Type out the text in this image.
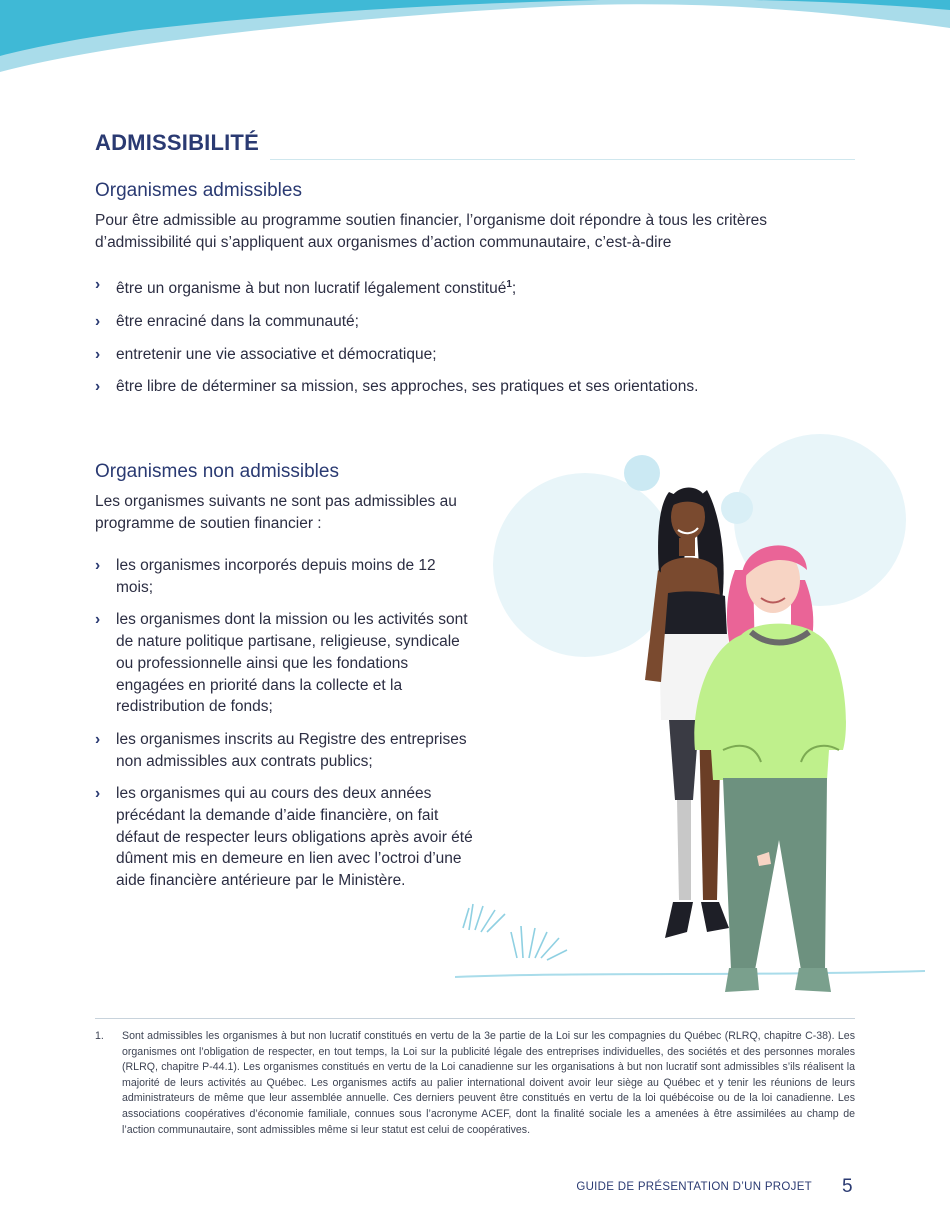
ADMISSIBILITÉ
Organismes admissibles
Pour être admissible au programme soutien financier, l’organisme doit répondre à tous les critères d’admissibilité qui s’appliquent aux organismes d’action communautaire, c’est-à-dire
› être un organisme à but non lucratif légalement constitué$^1$;
› être enraciné dans la communauté;
› entretenir une vie associative et démocratique;
› être libre de déterminer sa mission, ses approches, ses pratiques et ses orientations.
Organismes non admissibles
Les organismes suivants ne sont pas admissibles au programme de soutien financier :
› les organismes incorporés depuis moins de 12 mois;
› les organismes dont la mission ou les activités sont de nature politique partisane, religieuse, syndicale ou professionnelle ainsi que les fondations engagées en priorité dans la collecte et la redistribution de fonds;
› les organismes inscrits au Registre des entreprises non admissibles aux contrats publics;
› les organismes qui au cours des deux années précédant la demande d’aide financière, on fait défaut de respecter leurs obligations après avoir été dûment mis en demeure en lien avec l’octroi d’une aide financière antérieure par le Ministère.
1. Sont admissibles les organismes à but non lucratif constitués en vertu de la 3e partie de la Loi sur les compagnies du Québec (RLRQ, chapitre C-38). Les organismes ont l’obligation de respecter, en tout temps, la Loi sur la publicité légale des entreprises individuelles, des sociétés et des personnes morales (RLRQ, chapitre P-44.1). Les organismes constitués en vertu de la Loi canadienne sur les organisations à but non lucratif sont admissibles s’ils réalisent la majorité de leurs activités au Québec. Les organismes actifs au palier international doivent avoir leur siège au Québec et y tenir les réunions de leurs administrateurs de même que leur assemblée annuelle. Ces derniers peuvent être constitués en vertu de la loi québécoise ou de la loi canadienne. Les associations coopératives d’économie familiale, connues sous l’acronyme ACEF, dont la finalité sociale les a amenées à être assimilées au champ de l’action communautaire, sont admissibles même si leur statut est celui de coopératives.
GUIDE DE PRÉSENTATION D’UN PROJET 5
